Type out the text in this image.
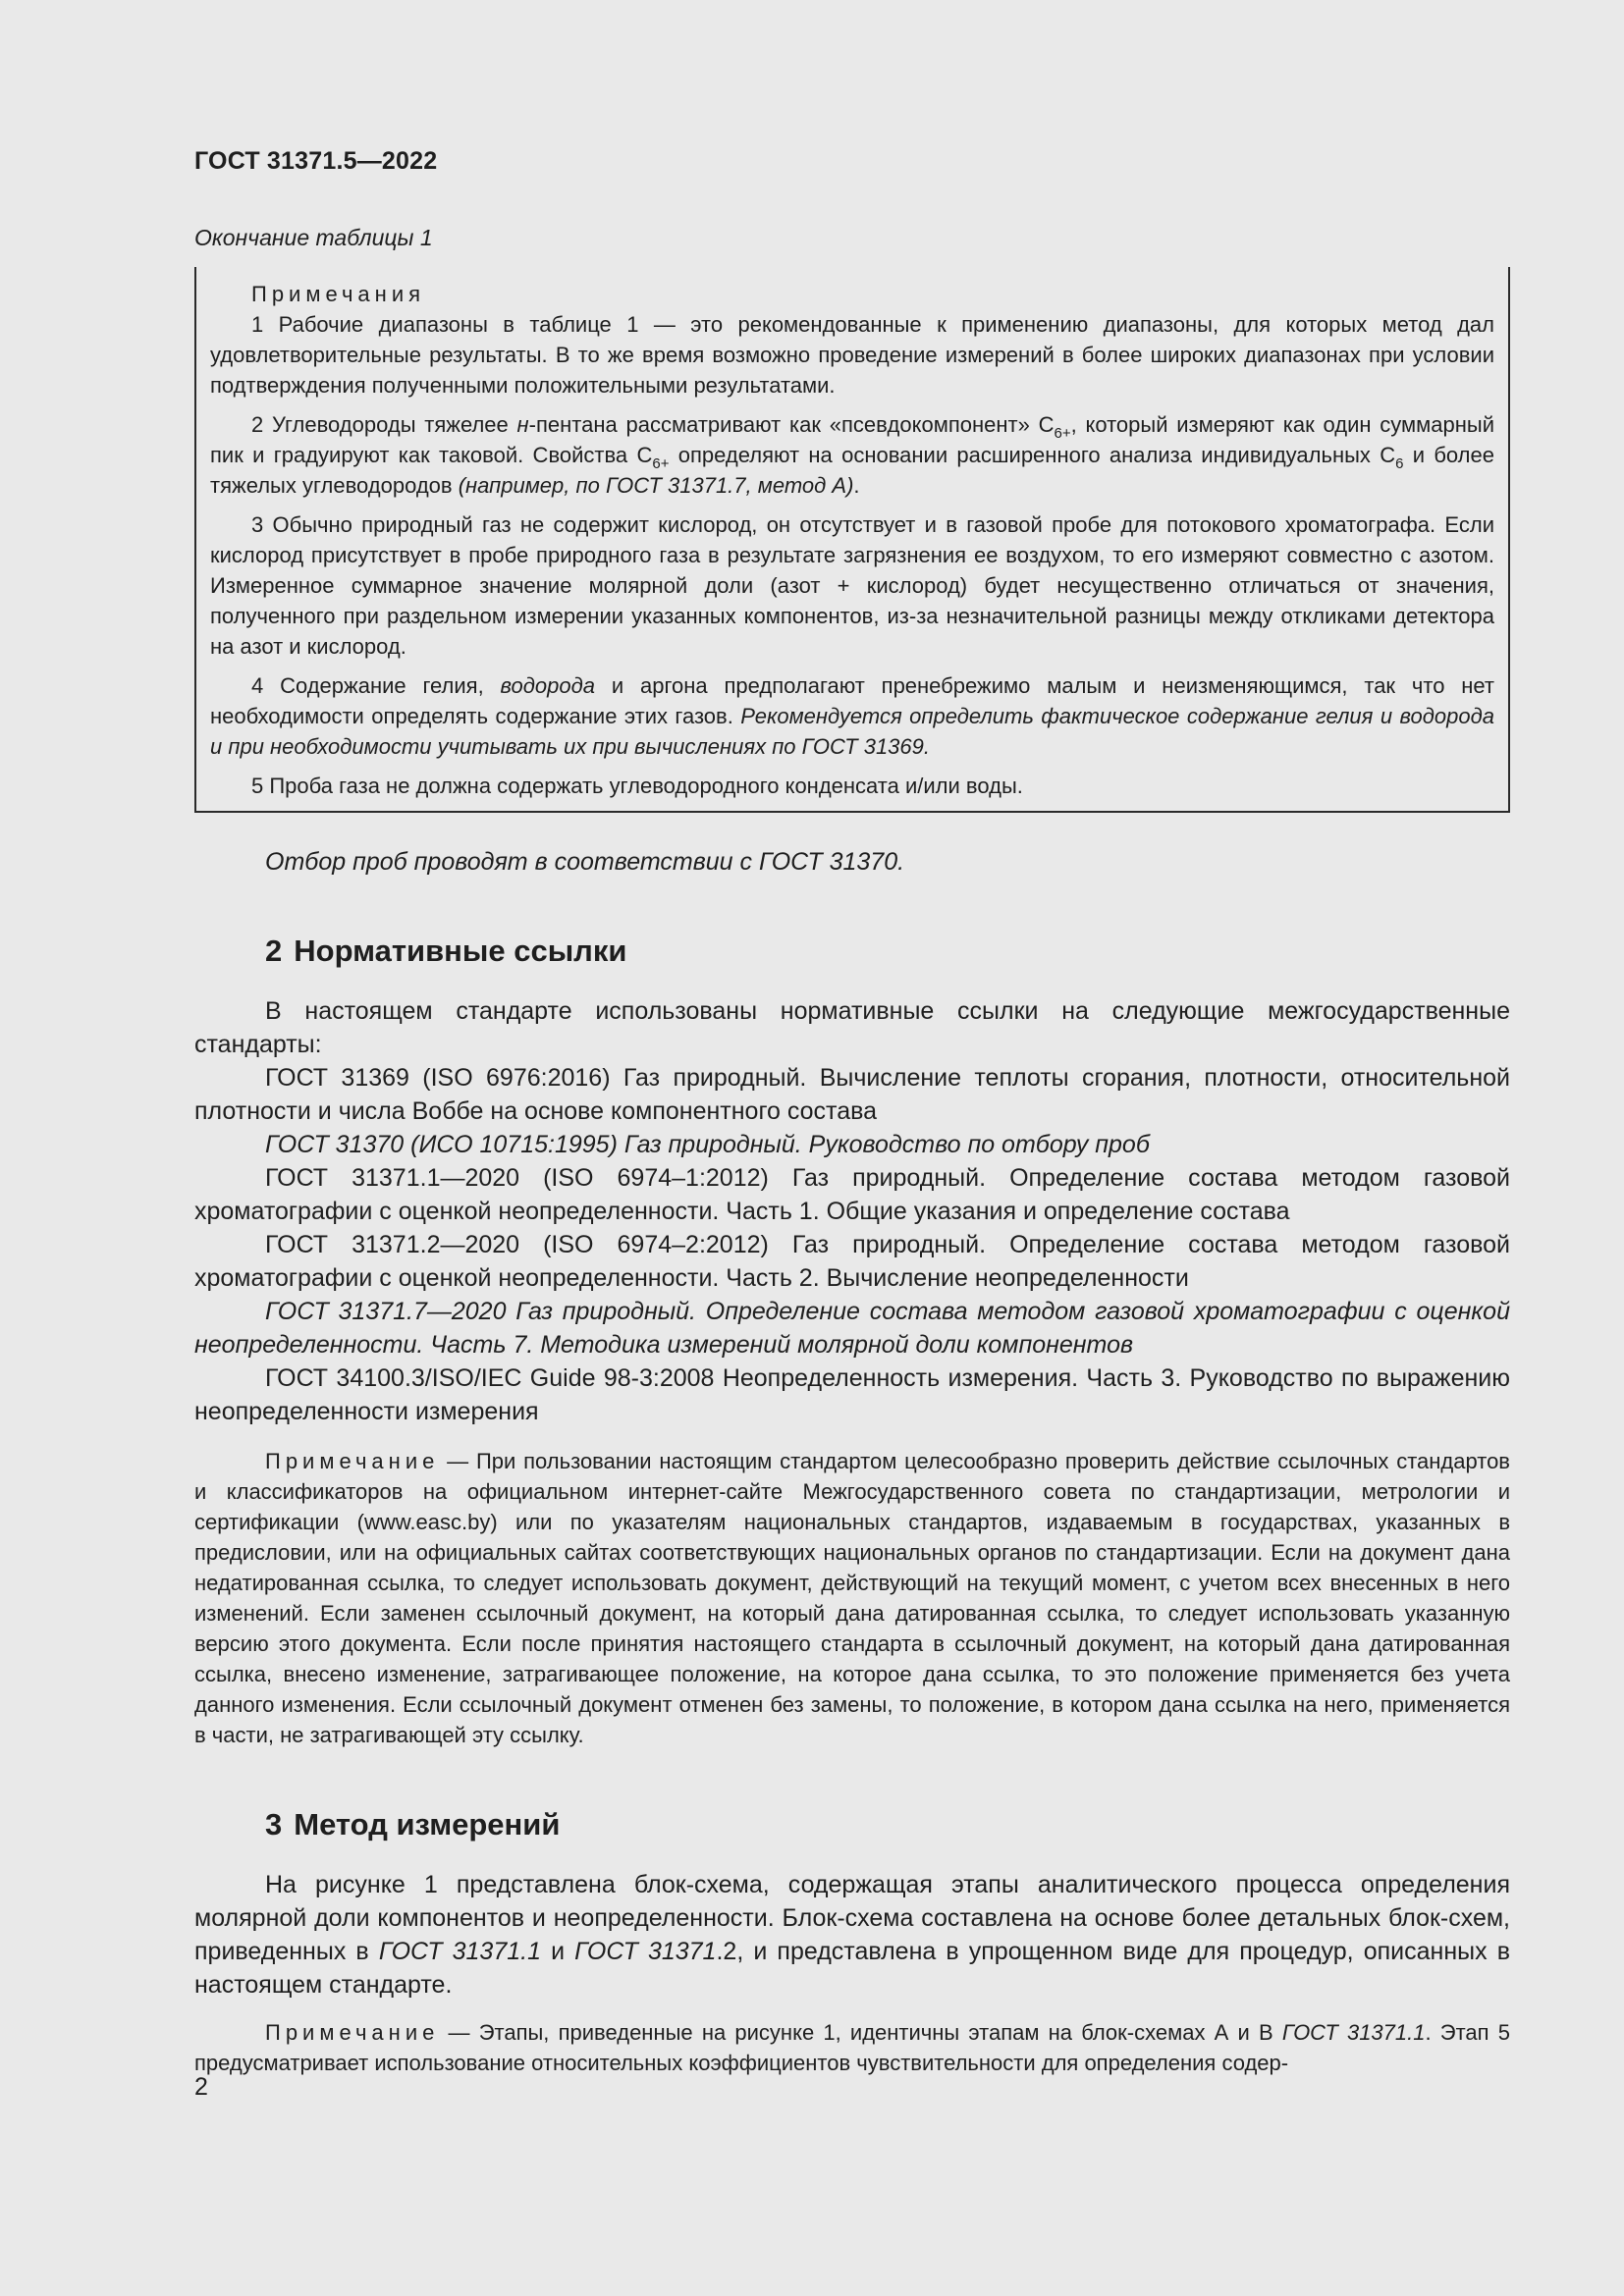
ГОСТ 31371.5—2022
Окончание таблицы 1
Примечания

1 Рабочие диапазоны в таблице 1 — это рекомендованные к применению диапазоны, для которых метод дал удовлетворительные результаты. В то же время возможно проведение измерений в более широких диапазонах при условии подтверждения полученными положительными результатами.

2 Углеводороды тяжелее н-пентана рассматривают как «псевдокомпонент» $C_{6+}$, который измеряют как один суммарный пик и градуируют как таковой. Свойства $C_{6+}$ определяют на основании расширенного анализа индивидуальных $C_6$ и более тяжелых углеводородов (например, по ГОСТ 31371.7, метод А).

3 Обычно природный газ не содержит кислород, он отсутствует и в газовой пробе для потокового хроматографа. Если кислород присутствует в пробе природного газа в результате загрязнения ее воздухом, то его измеряют совместно с азотом. Измеренное суммарное значение молярной доли (азот + кислород) будет несущественно отличаться от значения, полученного при раздельном измерении указанных компонентов, из-за незначительной разницы между откликами детектора на азот и кислород.

4 Содержание гелия, водорода и аргона предполагают пренебрежимо малым и неизменяющимся, так что нет необходимости определять содержание этих газов. Рекомендуется определить фактическое содержание гелия и водорода и при необходимости учитывать их при вычислениях по ГОСТ 31369.

5 Проба газа не должна содержать углеводородного конденсата и/или воды.

Отбор проб проводят в соответствии с ГОСТ 31370.
2 Нормативные ссылки

В настоящем стандарте использованы нормативные ссылки на следующие межгосударственные стандарты:

ГОСТ 31369 (ISO 6976:2016) Газ природный. Вычисление теплоты сгорания, плотности, относительной плотности и числа Воббе на основе компонентного состава
ГОСТ 31370 (ИСО 10715:1995) Газ природный. Руководство по отбору проб
ГОСТ 31371.1—2020 (ISO 6974–1:2012) Газ природный. Определение состава методом газовой хроматографии с оценкой неопределенности. Часть 1. Общие указания и определение состава
ГОСТ 31371.2—2020 (ISO 6974–2:2012) Газ природный. Определение состава методом газовой хроматографии с оценкой неопределенности. Часть 2. Вычисление неопределенности
ГОСТ 31371.7—2020 Газ природный. Определение состава методом газовой хроматографии с оценкой неопределенности. Часть 7. Методика измерений молярной доли компонентов
ГОСТ 34100.3/ISO/IEC Guide 98-3:2008 Неопределенность измерения. Часть 3. Руководство по выражению неопределенности измерения

Примечание — При пользовании настоящим стандартом целесообразно проверить действие ссылочных стандартов и классификаторов на официальном интернет-сайте Межгосударственного совета по стандартизации, метрологии и сертификации (www.easc.by) или по указателям национальных стандартов, издаваемым в государствах, указанных в предисловии, или на официальных сайтах соответствующих национальных органов по стандартизации. Если на документ дана недатированная ссылка, то следует использовать документ, действующий на текущий момент, с учетом всех внесенных в него изменений. Если заменен ссылочный документ, на который дана датированная ссылка, то следует использовать указанную версию этого документа. Если после принятия настоящего стандарта в ссылочный документ, на который дана датированная ссылка, внесено изменение, затрагивающее положение, на которое дана ссылка, то это положение применяется без учета данного изменения. Если ссылочный документ отменен без замены, то положение, в котором дана ссылка на него, применяется в части, не затрагивающей эту ссылку.

3 Метод измерений

На рисунке 1 представлена блок-схема, содержащая этапы аналитического процесса определения молярной доли компонентов и неопределенности. Блок-схема составлена на основе более детальных блок-схем, приведенных в ГОСТ 31371.1 и ГОСТ 31371.2, и представлена в упрощенном виде для процедур, описанных в настоящем стандарте.

Примечание — Этапы, приведенные на рисунке 1, идентичны этапам на блок-схемах А и В ГОСТ 31371.1. Этап 5 предусматривает использование относительных коэффициентов чувствительности для определения содер-

2
